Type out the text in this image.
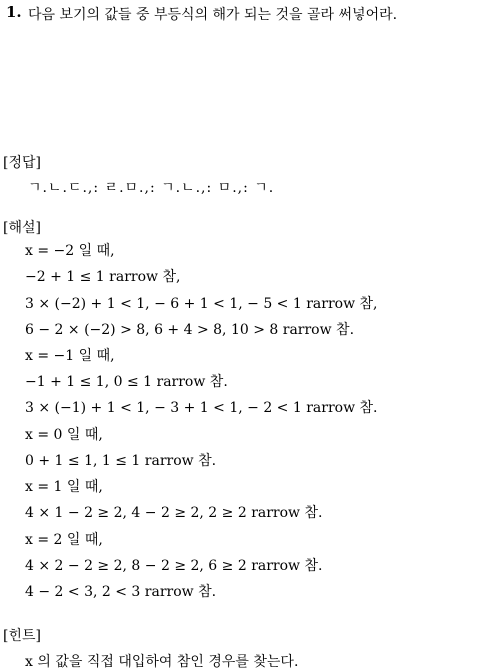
1. 다음 보기의 값들 중 부등식의 해가 되는 것을 골라 써넣어라.
[정답]
ㄱ.ㄴ.ㄷ.,: ㄹ.ㅁ.,: ㄱ.ㄴ.,: ㅁ.,: ㄱ.
[해설]
x = −2 일 때,
−2 + 1 ≤ 1 rarrow 참,
3 × (−2) + 1 < 1, − 6 + 1 < 1, − 5 < 1 rarrow 참,
6 − 2 × (−2) > 8, 6 + 4 > 8, 10 > 8 rarrow 참.
x = −1 일 때,
−1 + 1 ≤ 1, 0 ≤ 1 rarrow 참.
3 × (−1) + 1 < 1, − 3 + 1 < 1, − 2 < 1 rarrow 참.
x = 0 일 때,
0 + 1 ≤ 1, 1 ≤ 1 rarrow 참.
x = 1 일 때,
4 × 1 − 2 ≥ 2, 4 − 2 ≥ 2, 2 ≥ 2 rarrow 참.
x = 2 일 때,
4 × 2 − 2 ≥ 2, 8 − 2 ≥ 2, 6 ≥ 2 rarrow 참.
4 − 2 < 3, 2 < 3 rarrow 참.
[힌트]
x 의 값을 직접 대입하여 참인 경우를 찾는다.
